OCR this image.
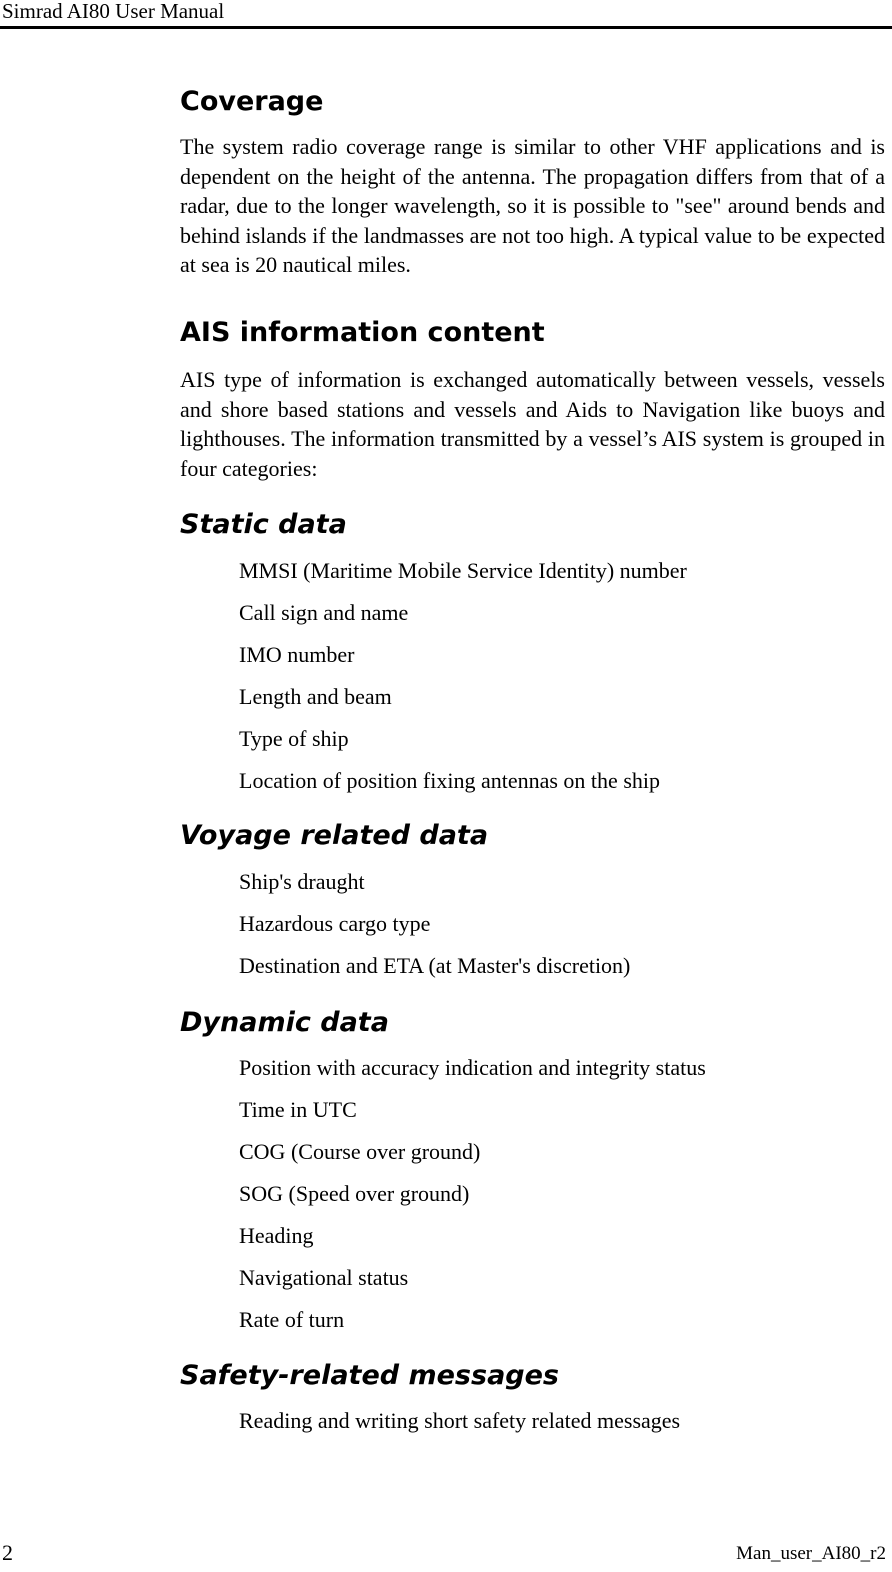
Simrad AI80 User Manual
Coverage

The system radio coverage range is similar to other VHF applications and is dependent on the height of the antenna. The propagation differs from that of a radar, due to the longer wavelength, so it is possible to "see" around bends and behind islands if the landmasses are not too high. A typical value to be expected at sea is 20 nautical miles.

AIS information content

AIS type of information is exchanged automatically between vessels, vessels and shore based stations and vessels and Aids to Navigation like buoys and lighthouses. The information transmitted by a vessel’s AIS system is grouped in four categories:

Static data
MMSI (Maritime Mobile Service Identity) number
Call sign and name
IMO number
Length and beam
Type of ship
Location of position fixing antennas on the ship
Voyage related data
Ship's draught
Hazardous cargo type
Destination and ETA (at Master's discretion)
Dynamic data
Position with accuracy indication and integrity status
Time in UTC
COG (Course over ground)
SOG (Speed over ground)
Heading
Navigational status
Rate of turn
Safety-related messages
Reading and writing short safety related messages
2	Man_user_AI80_r2
